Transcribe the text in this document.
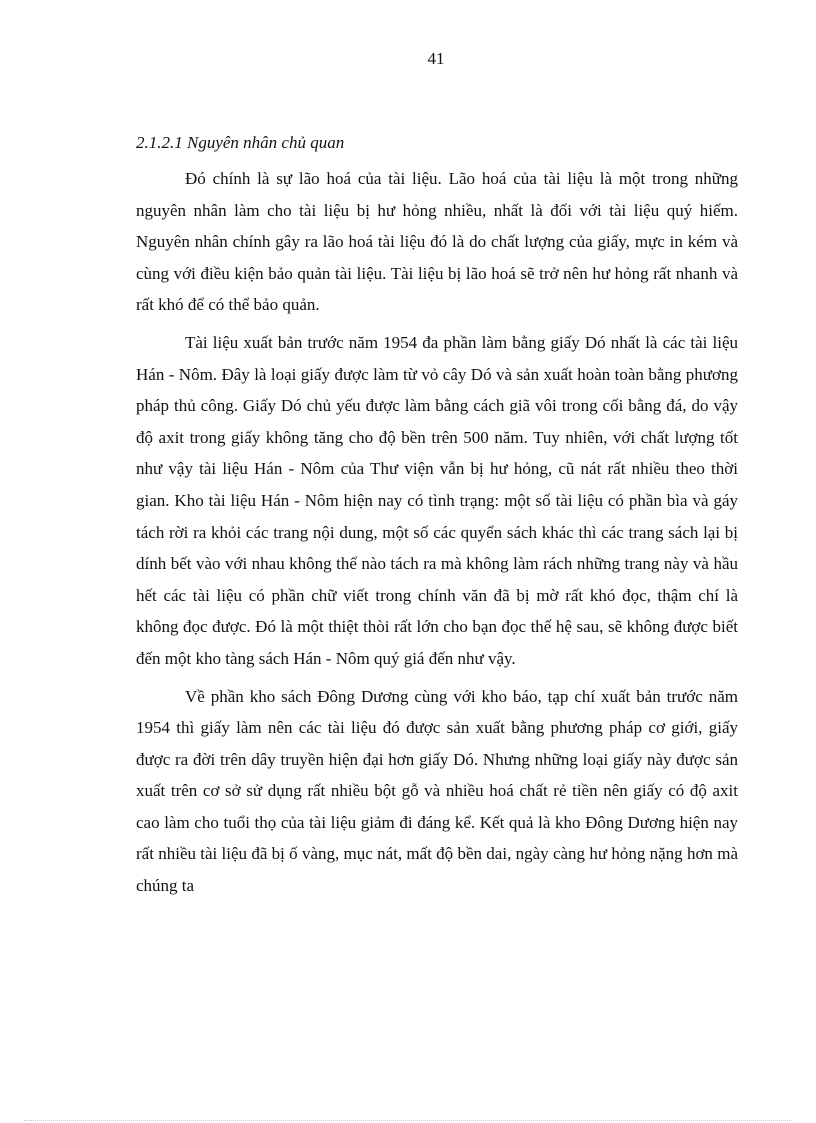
41
2.1.2.1 Nguyên nhân chủ quan

Đó chính là sự lão hoá của tài liệu. Lão hoá của tài liệu là một trong những nguyên nhân làm cho tài liệu bị hư hỏng nhiều, nhất là đối với tài liệu quý hiếm. Nguyên nhân chính gây ra lão hoá tài liệu đó là do chất lượng của giấy, mực in kém và cùng với điều kiện bảo quản tài liệu. Tài liệu bị lão hoá sẽ trở nên hư hỏng rất nhanh và rất khó để có thể bảo quản.

Tài liệu xuất bản trước năm 1954 đa phần làm bằng giấy Dó nhất là các tài liệu Hán - Nôm. Đây là loại giấy được làm từ vỏ cây Dó và sản xuất hoàn toàn bằng phương pháp thủ công. Giấy Dó chủ yếu được làm bằng cách giã vôi trong cối bằng đá, do vậy độ axit trong giấy không tăng cho độ bền trên 500 năm. Tuy nhiên, với chất lượng tốt như vậy tài liệu Hán - Nôm của Thư viện vẫn bị hư hỏng, cũ nát rất nhiều theo thời gian. Kho tài liệu Hán - Nôm hiện nay có tình trạng: một số tài liệu có phần bìa và gáy tách rời ra khỏi các trang nội dung, một số các quyển sách khác thì các trang sách lại bị dính bết vào với nhau không thể nào tách ra mà không làm rách những trang này và hầu hết các tài liệu có phần chữ viết trong chính văn đã bị mờ rất khó đọc, thậm chí là không đọc được. Đó là một thiệt thòi rất lớn cho bạn đọc thế hệ sau, sẽ không được biết đến một kho tàng sách Hán - Nôm quý giá đến như vậy.

Về phần kho sách Đông Dương cùng với kho báo, tạp chí xuất bản trước năm 1954 thì giấy làm nên các tài liệu đó được sản xuất bằng phương pháp cơ giới, giấy được ra đời trên dây truyền hiện đại hơn giấy Dó. Nhưng những loại giấy này được sản xuất trên cơ sở sử dụng rất nhiều bột gỗ và nhiều hoá chất rẻ tiền nên giấy có độ axit cao làm cho tuổi thọ của tài liệu giảm đi đáng kể. Kết quả là kho Đông Dương hiện nay rất nhiều tài liệu đã bị ố vàng, mục nát, mất độ bền dai, ngày càng hư hỏng nặng hơn mà chúng ta
